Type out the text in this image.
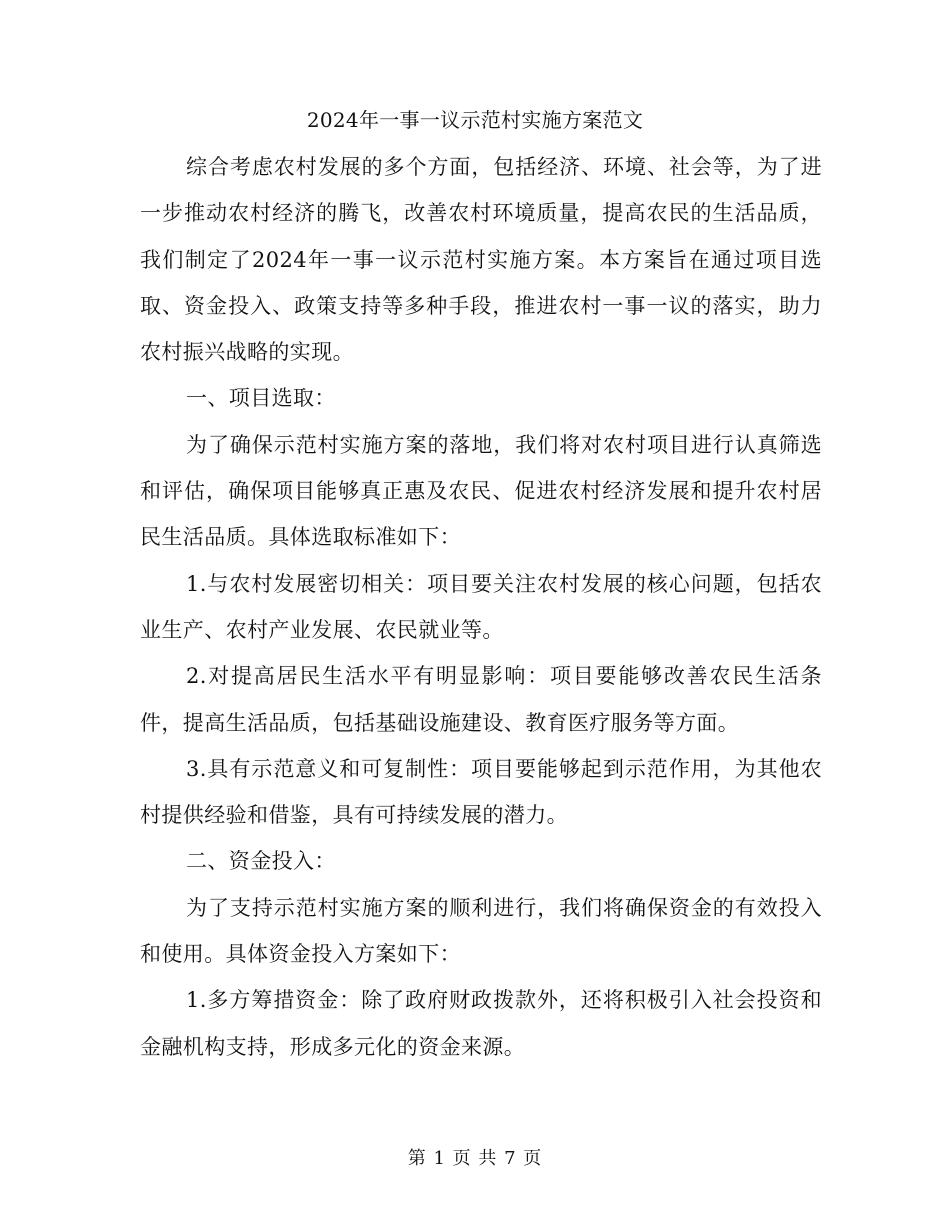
2024年一事一议示范村实施方案范文

综合考虑农村发展的多个方面，包括经济、环境、社会等，为了进一步推动农村经济的腾飞，改善农村环境质量，提高农民的生活品质，我们制定了2024年一事一议示范村实施方案。本方案旨在通过项目选取、资金投入、政策支持等多种手段，推进农村一事一议的落实，助力农村振兴战略的实现。

一、项目选取：

为了确保示范村实施方案的落地，我们将对农村项目进行认真筛选和评估，确保项目能够真正惠及农民、促进农村经济发展和提升农村居民生活品质。具体选取标准如下：

1.与农村发展密切相关：项目要关注农村发展的核心问题，包括农业生产、农村产业发展、农民就业等。

2.对提高居民生活水平有明显影响：项目要能够改善农民生活条件，提高生活品质，包括基础设施建设、教育医疗服务等方面。

3.具有示范意义和可复制性：项目要能够起到示范作用，为其他农村提供经验和借鉴，具有可持续发展的潜力。

二、资金投入：

为了支持示范村实施方案的顺利进行，我们将确保资金的有效投入和使用。具体资金投入方案如下：

1.多方筹措资金：除了政府财政拨款外，还将积极引入社会投资和金融机构支持，形成多元化的资金来源。

第 1 页 共 7 页
